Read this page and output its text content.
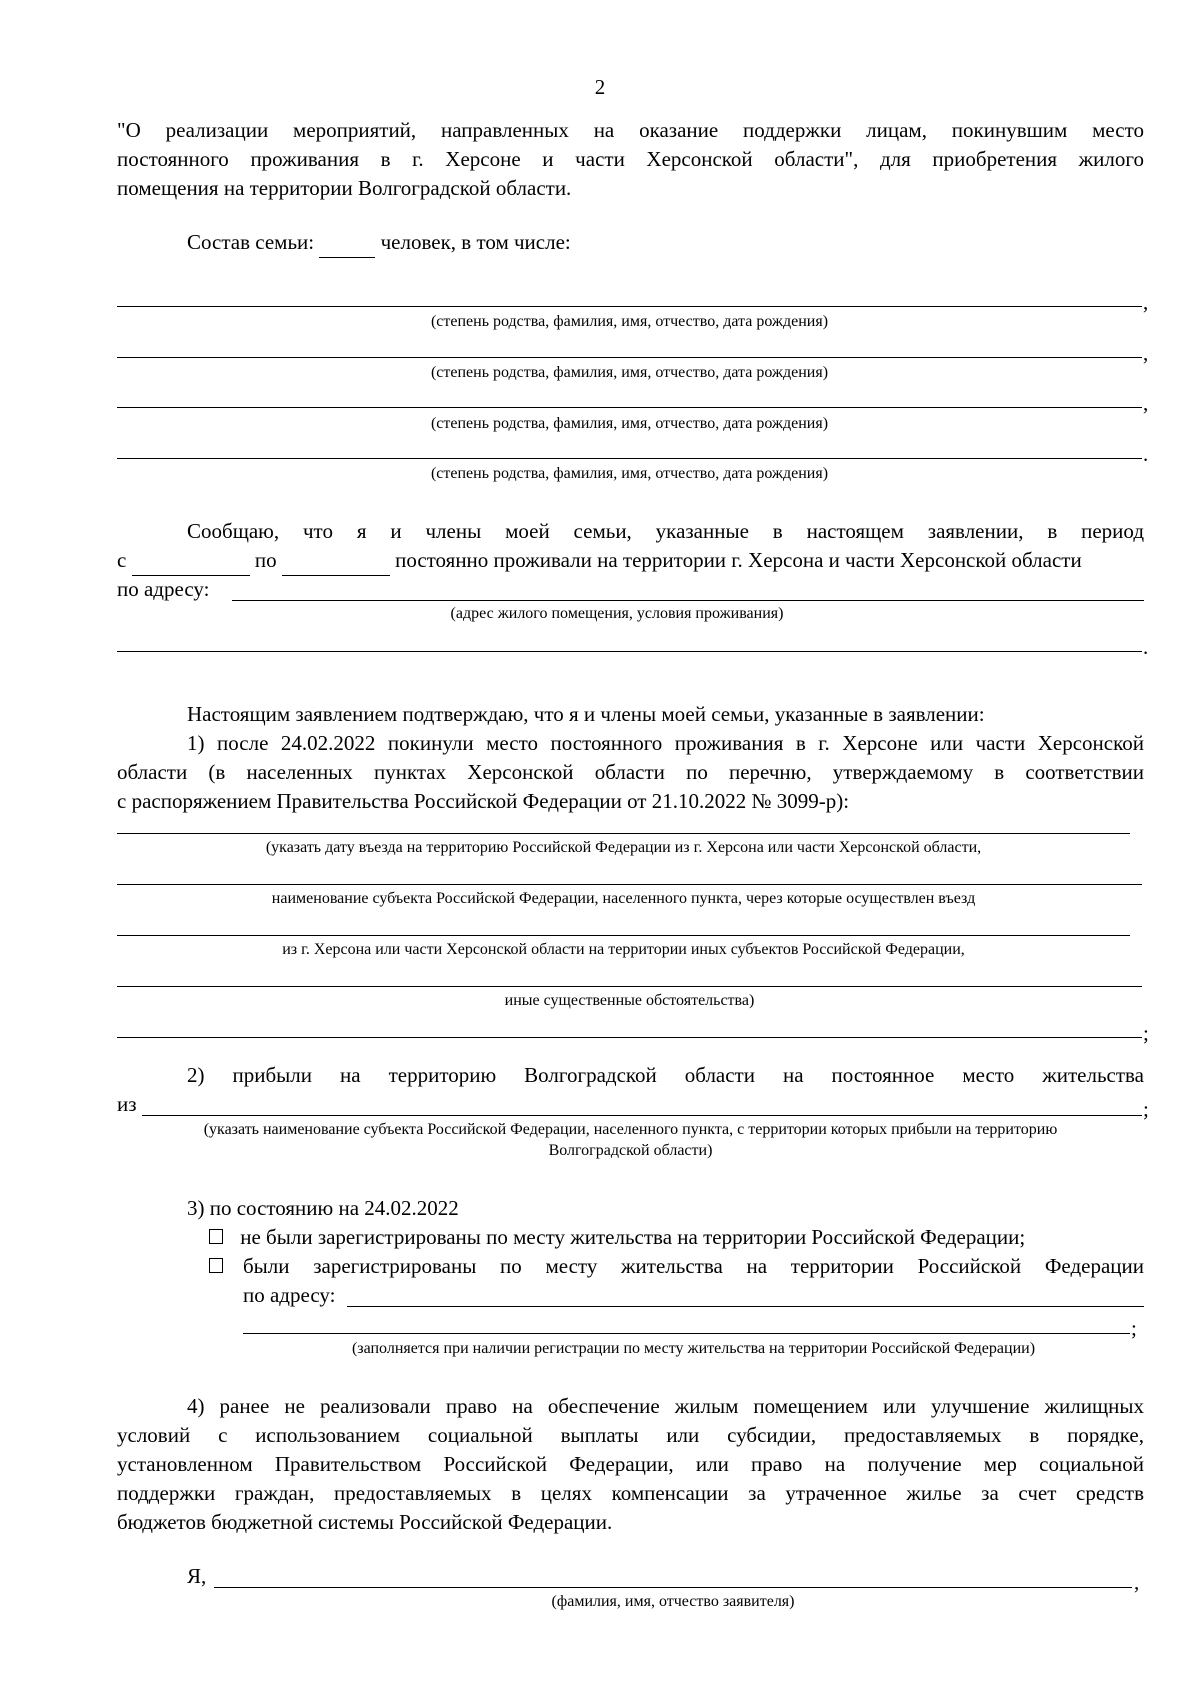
2
"О реализации мероприятий, направленных на оказание поддержки лицам, покинувшим место
постоянного проживания в г. Херсоне и части Херсонской области", для приобретения жилого
помещения на территории Волгоградской области.
Состав семьи:	человек, в том числе:
,
(степень родства, фамилия, имя, отчество, дата рождения)
,
(степень родства, фамилия, имя, отчество, дата рождения)
,
(степень родства, фамилия, имя, отчество, дата рождения)
.
(степень родства, фамилия, имя, отчество, дата рождения)
Сообщаю, что я и члены моей семьи, указанные в настоящем заявлении, в период
с	по	постоянно проживали на территории г. Херсона и части Херсонской области
по адресу:
(адрес жилого помещения, условия проживания)
.
Настоящим заявлением подтверждаю, что я и члены моей семьи, указанные в заявлении:
1) после 24.02.2022 покинули место постоянного проживания в г. Херсоне или части Херсонской
области (в населенных пунктах Херсонской области по перечню, утверждаемому в соответствии
с распоряжением Правительства Российской Федерации от 21.10.2022 № 3099-р):
(указать дату въезда на территорию Российской Федерации из г. Херсона или части Херсонской области,
наименование субъекта Российской Федерации, населенного пункта, через которые осуществлен въезд
из г. Херсона или части Херсонской области на территории иных субъектов Российской Федерации,
иные существенные обстоятельства)
;
2) прибыли на территорию Волгоградской области на постоянное место жительства
из	;
(указать наименование субъекта Российской Федерации, населенного пункта, с территории которых прибыли на территорию
Волгоградской области)
3) по состоянию на 24.02.2022
не были зарегистрированы по месту жительства на территории Российской Федерации;
были зарегистрированы по месту жительства на территории Российской Федерации
по адресу:
;
(заполняется при наличии регистрации по месту жительства на территории Российской Федерации)
4) ранее не реализовали право на обеспечение жилым помещением или улучшение жилищных
условий с использованием социальной выплаты или субсидии, предоставляемых в порядке,
установленном Правительством Российской Федерации, или право на получение мер социальной
поддержки граждан, предоставляемых в целях компенсации за утраченное жилье за счет средств
бюджетов бюджетной системы Российской Федерации.
Я,	,
(фамилия, имя, отчество заявителя)
